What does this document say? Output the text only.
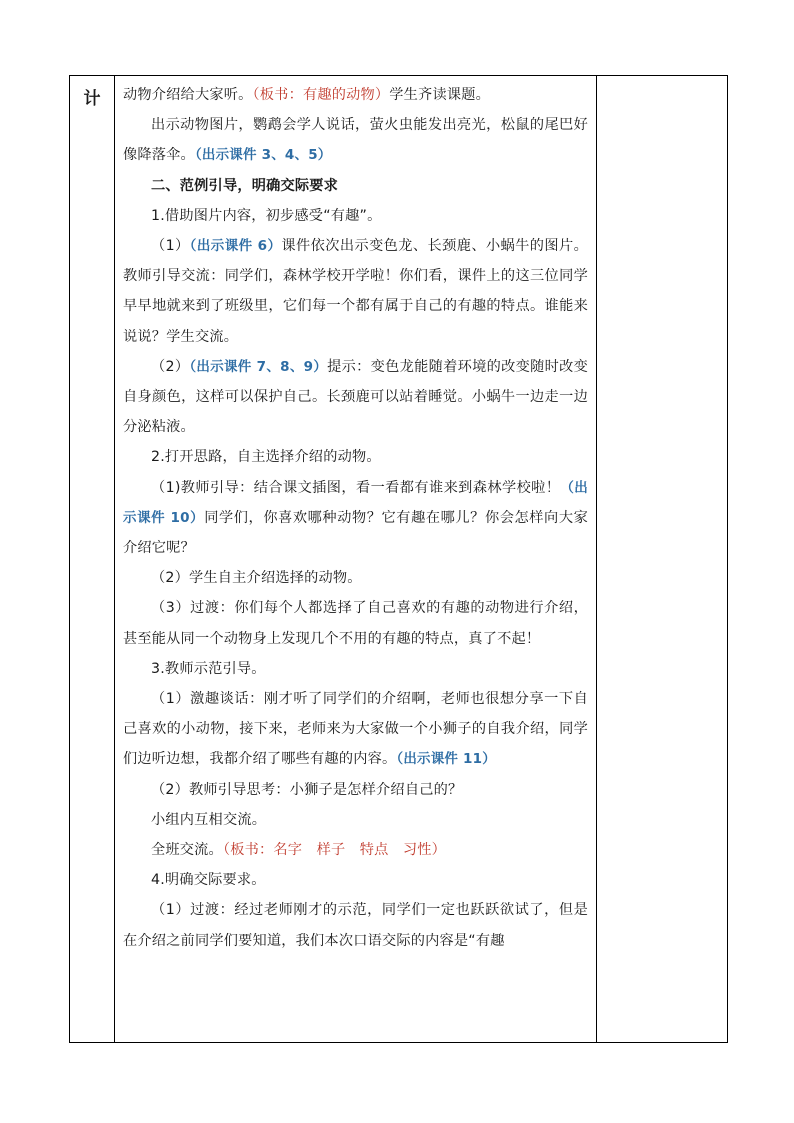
计	动物介绍给大家听。（板书：有趣的动物）学生齐读课题。

出示动物图片，鹦鹉会学人说话，萤火虫能发出亮光，松鼠的尾巴好像降落伞。（出示课件 3、4、5）

二、范例引导，明确交际要求

1.借助图片内容，初步感受“有趣”。

（1）（出示课件 6）课件依次出示变色龙、长颈鹿、小蜗牛的图片。教师引导交流：同学们，森林学校开学啦！你们看，课件上的这三位同学早早地就来到了班级里，它们每一个都有属于自己的有趣的特点。谁能来说说？学生交流。

（2）（出示课件 7、8、9）提示：变色龙能随着环境的改变随时改变自身颜色，这样可以保护自己。长颈鹿可以站着睡觉。小蜗牛一边走一边分泌粘液。

2.打开思路，自主选择介绍的动物。

（1)教师引导：结合课文插图，看一看都有谁来到森林学校啦！（出示课件 10）同学们，你喜欢哪种动物？它有趣在哪儿？你会怎样向大家介绍它呢？

（2）学生自主介绍选择的动物。

（3）过渡：你们每个人都选择了自己喜欢的有趣的动物进行介绍，甚至能从同一个动物身上发现几个不用的有趣的特点，真了不起！

3.教师示范引导。

（1）激趣谈话：刚才听了同学们的介绍啊，老师也很想分享一下自己喜欢的小动物，接下来，老师来为大家做一个小狮子的自我介绍，同学们边听边想，我都介绍了哪些有趣的内容。（出示课件 11）

（2）教师引导思考：小狮子是怎样介绍自己的？

小组内互相交流。

全班交流。（板书：名字　样子　特点　习性）

4.明确交际要求。

（1）过渡：经过老师刚才的示范，同学们一定也跃跃欲试了，但是在介绍之前同学们要知道，我们本次口语交际的内容是“有趣
